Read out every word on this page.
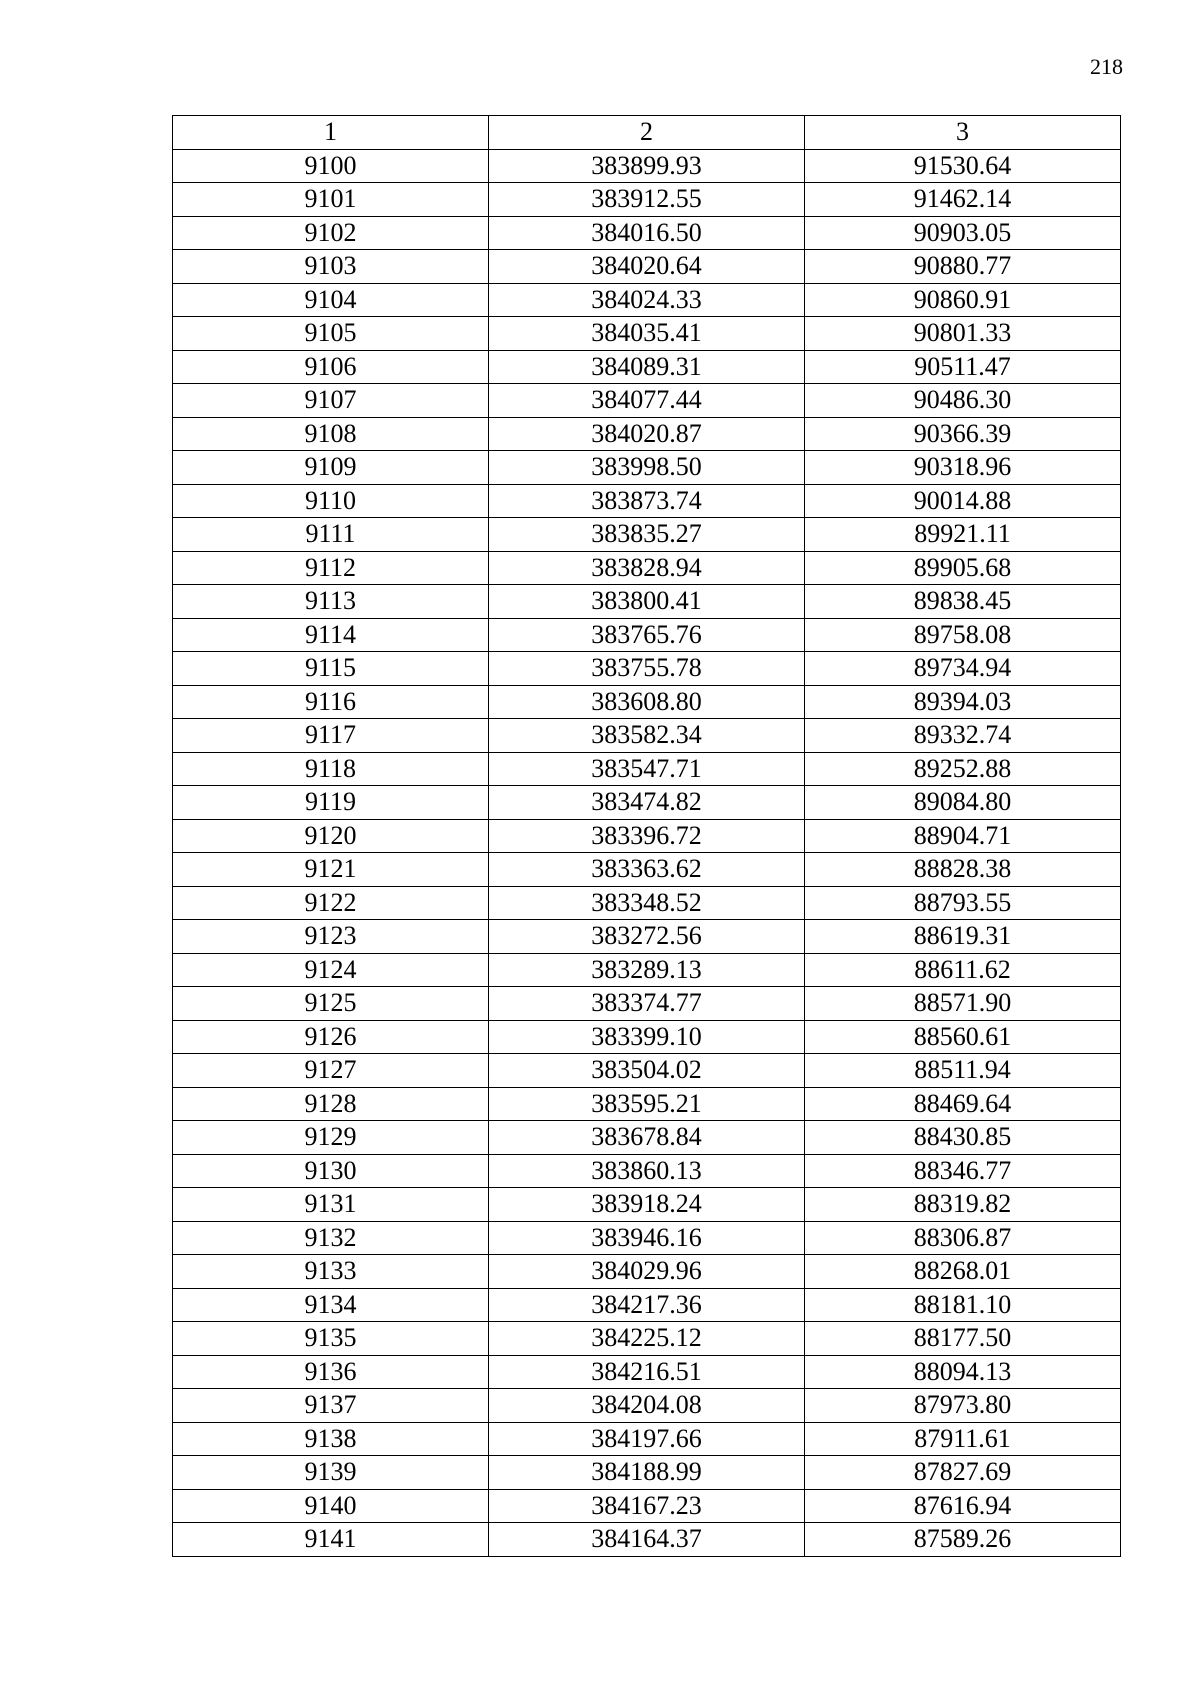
218
1	2	3
9100	383899.93	91530.64
9101	383912.55	91462.14
9102	384016.50	90903.05
9103	384020.64	90880.77
9104	384024.33	90860.91
9105	384035.41	90801.33
9106	384089.31	90511.47
9107	384077.44	90486.30
9108	384020.87	90366.39
9109	383998.50	90318.96
9110	383873.74	90014.88
9111	383835.27	89921.11
9112	383828.94	89905.68
9113	383800.41	89838.45
9114	383765.76	89758.08
9115	383755.78	89734.94
9116	383608.80	89394.03
9117	383582.34	89332.74
9118	383547.71	89252.88
9119	383474.82	89084.80
9120	383396.72	88904.71
9121	383363.62	88828.38
9122	383348.52	88793.55
9123	383272.56	88619.31
9124	383289.13	88611.62
9125	383374.77	88571.90
9126	383399.10	88560.61
9127	383504.02	88511.94
9128	383595.21	88469.64
9129	383678.84	88430.85
9130	383860.13	88346.77
9131	383918.24	88319.82
9132	383946.16	88306.87
9133	384029.96	88268.01
9134	384217.36	88181.10
9135	384225.12	88177.50
9136	384216.51	88094.13
9137	384204.08	87973.80
9138	384197.66	87911.61
9139	384188.99	87827.69
9140	384167.23	87616.94
9141	384164.37	87589.26
